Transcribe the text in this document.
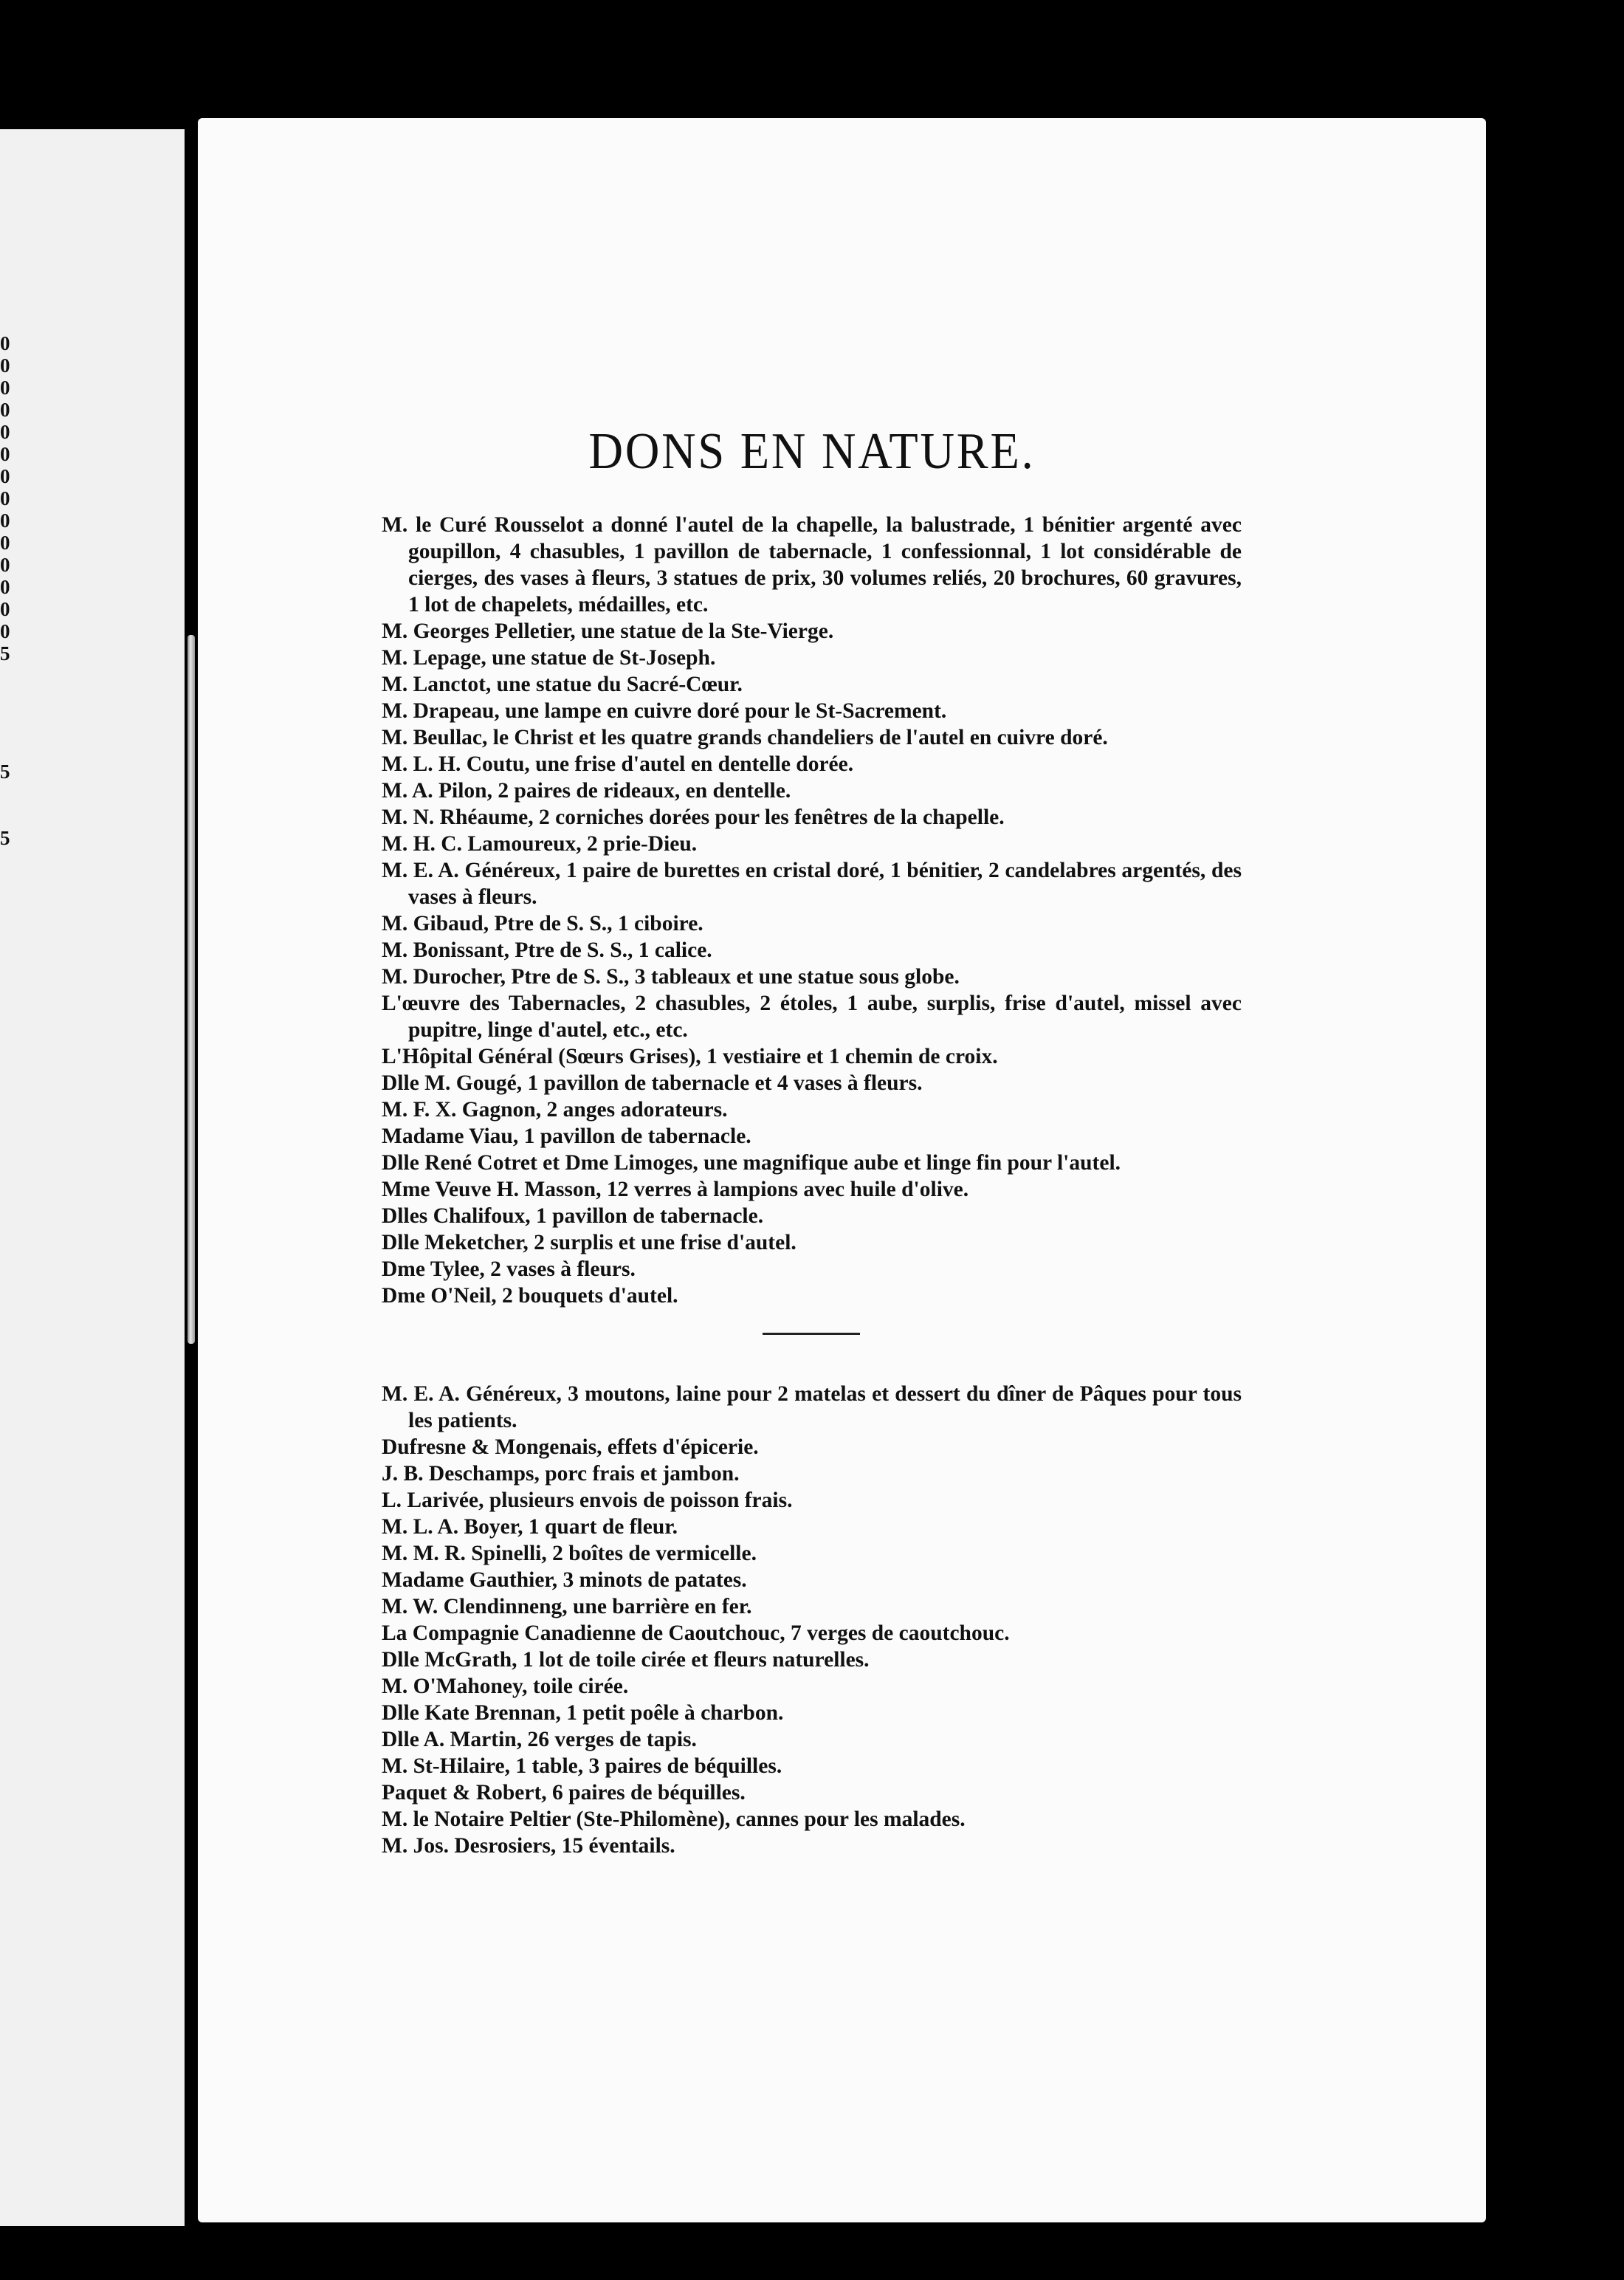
0
0
0
0
0
0
0
0
0
0
0
0
0
0
5
5
5
DONS EN NATURE.
M. le Curé Rousselot a donné l'autel de la chapelle, la balustrade, 1 bénitier argenté avec goupillon, 4 chasubles, 1 pavillon de tabernacle, 1 confessionnal, 1 lot considérable de cierges, des vases à fleurs, 3 statues de prix, 30 volumes reliés, 20 brochures, 60 gravures, 1 lot de chapelets, médailles, etc.
M. Georges Pelletier, une statue de la Ste-Vierge.
M. Lepage, une statue de St-Joseph.
M. Lanctot, une statue du Sacré-Cœur.
M. Drapeau, une lampe en cuivre doré pour le St-Sacrement.
M. Beullac, le Christ et les quatre grands chandeliers de l'autel en cuivre doré.
M. L. H. Coutu, une frise d'autel en dentelle dorée.
M. A. Pilon, 2 paires de rideaux, en dentelle.
M. N. Rhéaume, 2 corniches dorées pour les fenêtres de la chapelle.
M. H. C. Lamoureux, 2 prie-Dieu.
M. E. A. Généreux, 1 paire de burettes en cristal doré, 1 bénitier, 2 candelabres argentés, des vases à fleurs.
M. Gibaud, Ptre de S. S., 1 ciboire.
M. Bonissant, Ptre de S. S., 1 calice.
M. Durocher, Ptre de S. S., 3 tableaux et une statue sous globe.
L'œuvre des Tabernacles, 2 chasubles, 2 étoles, 1 aube, surplis, frise d'autel, missel avec pupitre, linge d'autel, etc., etc.
L'Hôpital Général (Sœurs Grises), 1 vestiaire et 1 chemin de croix.
Dlle M. Gougé, 1 pavillon de tabernacle et 4 vases à fleurs.
M. F. X. Gagnon, 2 anges adorateurs.
Madame Viau, 1 pavillon de tabernacle.
Dlle René Cotret et Dme Limoges, une magnifique aube et linge fin pour l'autel.
Mme Veuve H. Masson, 12 verres à lampions avec huile d'olive.
Dlles Chalifoux, 1 pavillon de tabernacle.
Dlle Meketcher, 2 surplis et une frise d'autel.
Dme Tylee, 2 vases à fleurs.
Dme O'Neil, 2 bouquets d'autel.
M. E. A. Généreux, 3 moutons, laine pour 2 matelas et dessert du dîner de Pâques pour tous les patients.
Dufresne & Mongenais, effets d'épicerie.
J. B. Deschamps, porc frais et jambon.
L. Larivée, plusieurs envois de poisson frais.
M. L. A. Boyer, 1 quart de fleur.
M. M. R. Spinelli, 2 boîtes de vermicelle.
Madame Gauthier, 3 minots de patates.
M. W. Clendinneng, une barrière en fer.
La Compagnie Canadienne de Caoutchouc, 7 verges de caoutchouc.
Dlle McGrath, 1 lot de toile cirée et fleurs naturelles.
M. O'Mahoney, toile cirée.
Dlle Kate Brennan, 1 petit poêle à charbon.
Dlle A. Martin, 26 verges de tapis.
M. St-Hilaire, 1 table, 3 paires de béquilles.
Paquet & Robert, 6 paires de béquilles.
M. le Notaire Peltier (Ste-Philomène), cannes pour les malades.
M. Jos. Desrosiers, 15 éventails.
